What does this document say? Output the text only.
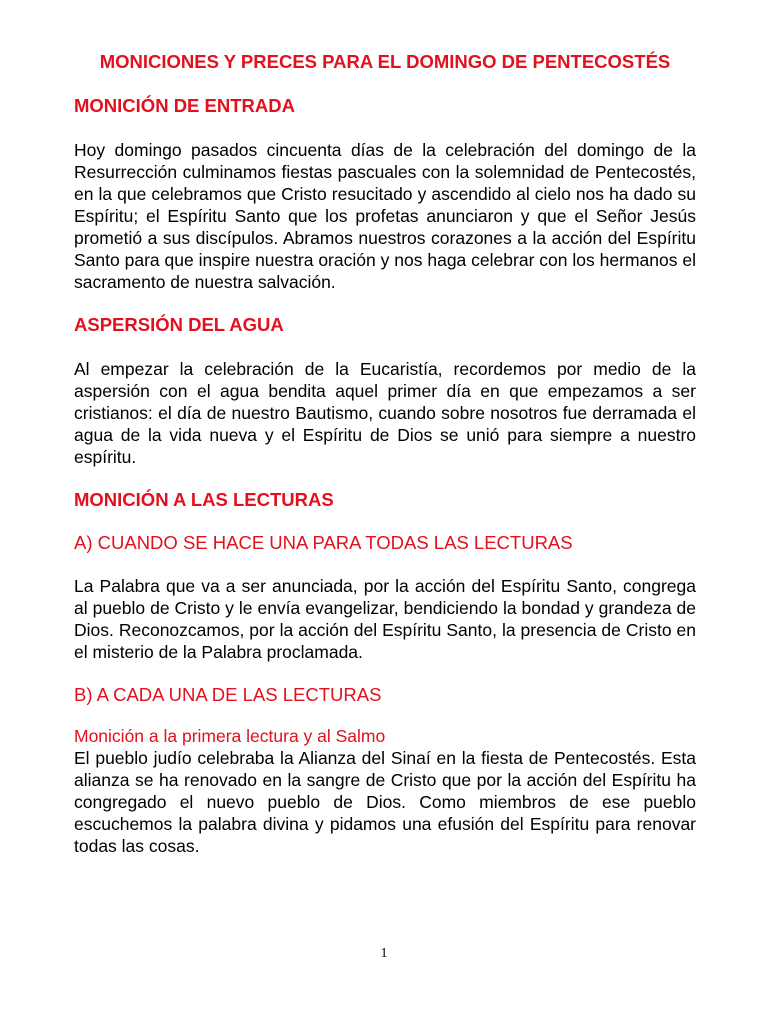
MONICIONES Y PRECES PARA EL DOMINGO DE PENTECOSTÉS
MONICIÓN DE ENTRADA

Hoy domingo pasados cincuenta días de la celebración del domingo de la Resurrección culminamos fiestas pascuales con la solemnidad de Pentecostés, en la que celebramos que Cristo resucitado y ascendido al cielo nos ha dado su Espíritu; el Espíritu Santo que los profetas anunciaron y que el Señor Jesús prometió a sus discípulos. Abramos nuestros corazones a la acción del Espíritu Santo para que inspire nuestra oración y nos haga celebrar con los hermanos el sacramento de nuestra salvación.

ASPERSIÓN DEL AGUA

Al empezar la celebración de la Eucaristía, recordemos por medio de la aspersión con el agua bendita aquel primer día en que empezamos a ser cristianos: el día de nuestro Bautismo, cuando sobre nosotros fue derramada el agua de la vida nueva y el Espíritu de Dios se unió para siempre a nuestro espíritu.

MONICIÓN A LAS LECTURAS
A) CUANDO SE HACE UNA PARA TODAS LAS LECTURAS

La Palabra que va a ser anunciada, por la acción del Espíritu Santo, congrega al pueblo de Cristo y le envía evangelizar, bendiciendo la bondad y grandeza de Dios. Reconozcamos, por la acción del Espíritu Santo, la presencia de Cristo en el misterio de la Palabra proclamada.

B) A CADA UNA DE LAS LECTURAS
Monición a la primera lectura y al Salmo

El pueblo judío celebraba la Alianza del Sinaí en la fiesta de Pentecostés. Esta alianza se ha renovado en la sangre de Cristo que por la acción del Espíritu ha congregado el nuevo pueblo de Dios. Como miembros de ese pueblo escuchemos la palabra divina y pidamos una efusión del Espíritu para renovar todas las cosas.

1
